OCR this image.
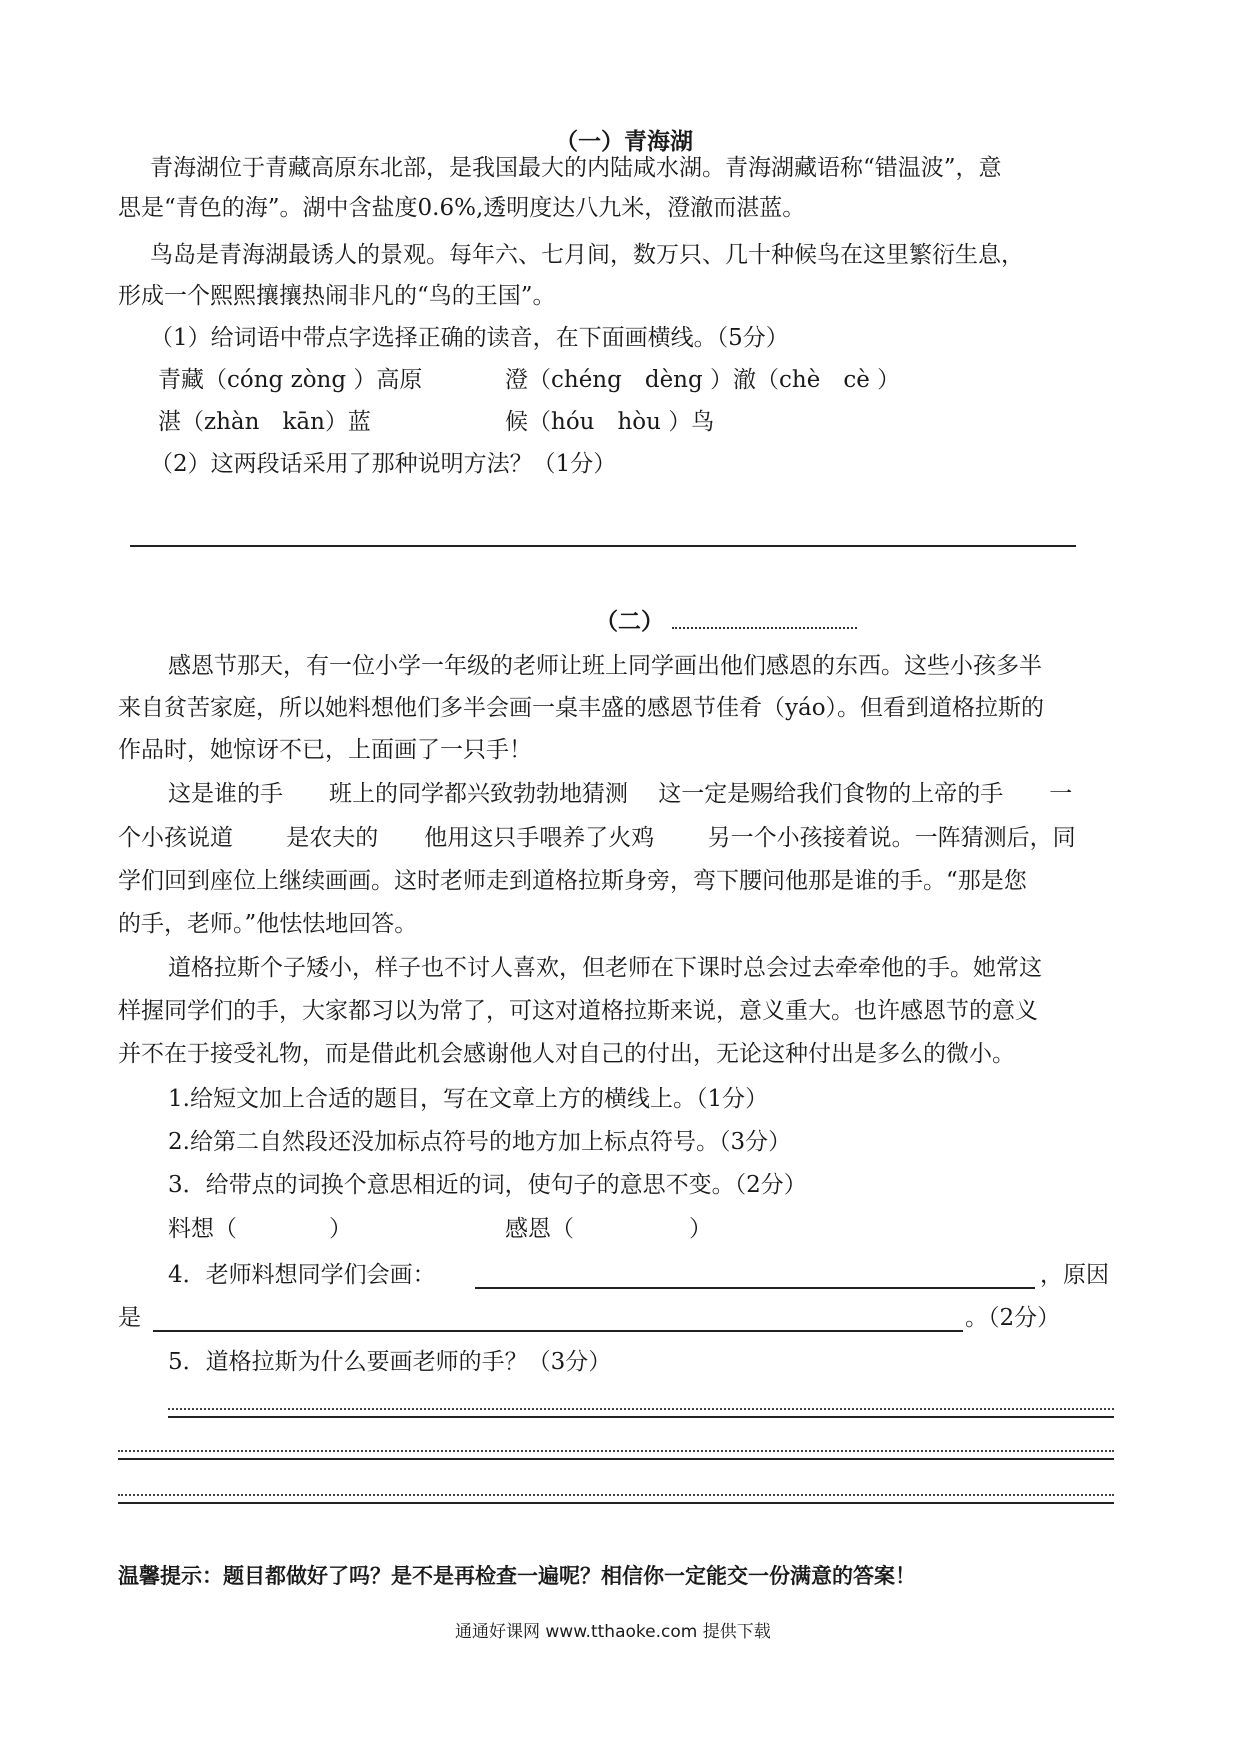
（一）青海湖
青海湖位于青藏高原东北部，是我国最大的内陆咸水湖。青海湖藏语称“错温波”，意
思是“青色的海”。湖中含盐度0.6%,透明度达八九米，澄澈而湛蓝。
鸟岛是青海湖最诱人的景观。每年六、七月间，数万只、几十种候鸟在这里繁衍生息，
形成一个熙熙攘攘热闹非凡的“鸟的王国”。
（1）给词语中带点字选择正确的读音，在下面画横线。（5分）
青藏（cóng zòng ）高原	澄（chéng　dèng ）澈（chè　cè ）
湛（zhàn　kān）蓝	候（hóu　hòu ）鸟
（2）这两段话采用了那种说明方法？（1分）
（二）
感恩节那天，有一位小学一年级的老师让班上同学画出他们感恩的东西。这些小孩多半
来自贫苦家庭，所以她料想他们多半会画一桌丰盛的感恩节佳肴（yáo）。但看到道格拉斯的
作品时，她惊讶不已，上面画了一只手！
这是谁的手　　班上的同学都兴致勃勃地猜测　 这一定是赐给我们食物的上帝的手　　一
个小孩说道　　 是农夫的　　他用这只手喂养了火鸡　　 另一个小孩接着说。一阵猜测后，同
学们回到座位上继续画画。这时老师走到道格拉斯身旁，弯下腰问他那是谁的手。“那是您
的手，老师。”他怯怯地回答。
道格拉斯个子矮小，样子也不讨人喜欢，但老师在下课时总会过去牵牵他的手。她常这
样握同学们的手，大家都习以为常了，可这对道格拉斯来说，意义重大。也许感恩节的意义
并不在于接受礼物，而是借此机会感谢他人对自己的付出，无论这种付出是多么的微小。
1.给短文加上合适的题目，写在文章上方的横线上。（1分）
2.给第二自然段还没加标点符号的地方加上标点符号。（3分）
3．给带点的词换个意思相近的词，使句子的意思不变。（2分）
料想（　　　　）	感恩（　　　　　）
4．老师料想同学们会画：	，原因
是	。（2分）
5．道格拉斯为什么要画老师的手？（3分）
温馨提示：题目都做好了吗？是不是再检查一遍呢？相信你一定能交一份满意的答案！
通通好课网 www.tthaoke.com 提供下载
